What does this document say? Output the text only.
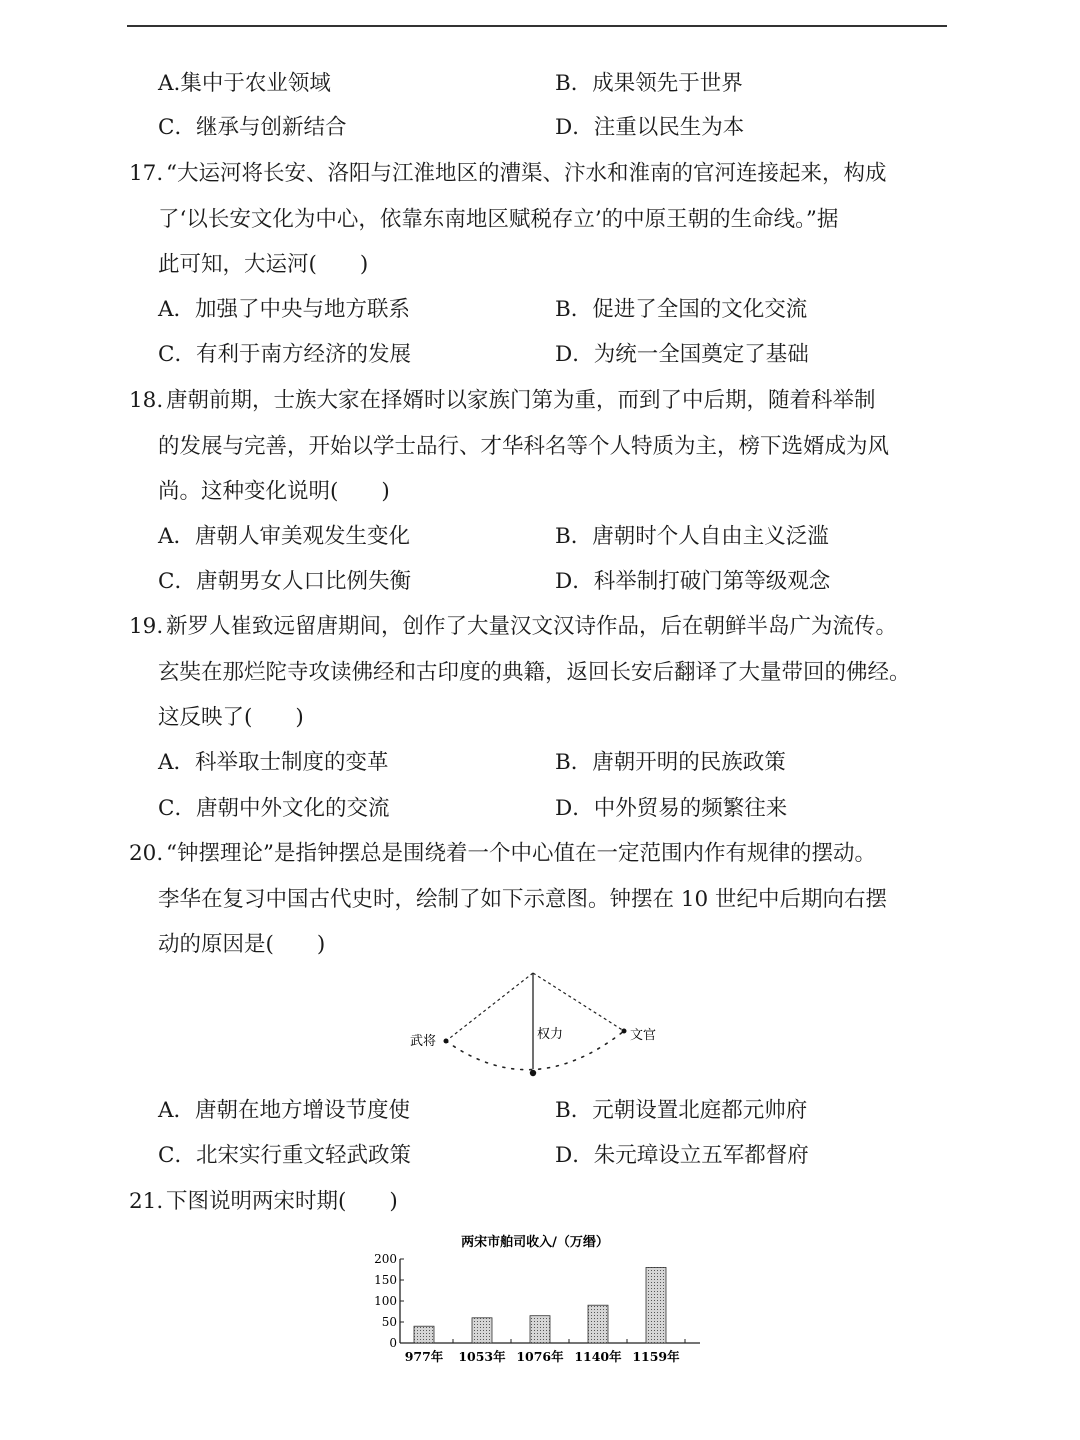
A.集中于农业领域	B．成果领先于世界
C．继承与创新结合	D．注重以民生为本
17. “大运河将长安、洛阳与江淮地区的漕渠、汴水和淮南的官河连接起来，构成
了‘以长安文化为中心，依靠东南地区赋税存立’的中原王朝的生命线。”据
此可知，大运河(　　)
A．加强了中央与地方联系	B．促进了全国的文化交流
C．有利于南方经济的发展	D．为统一全国奠定了基础
18. 唐朝前期，士族大家在择婿时以家族门第为重，而到了中后期，随着科举制
的发展与完善，开始以学士品行、才华科名等个人特质为主，榜下选婿成为风
尚。这种变化说明(　　)
A．唐朝人审美观发生变化	B．唐朝时个人自由主义泛滥
C．唐朝男女人口比例失衡	D．科举制打破门第等级观念
19. 新罗人崔致远留唐期间，创作了大量汉文汉诗作品，后在朝鲜半岛广为流传。
玄奘在那烂陀寺攻读佛经和古印度的典籍，返回长安后翻译了大量带回的佛经。
这反映了(　　)
A．科举取士制度的变革	B．唐朝开明的民族政策
C．唐朝中外文化的交流	D．中外贸易的频繁往来
20. “钟摆理论”是指钟摆总是围绕着一个中心值在一定范围内作有规律的摆动。
李华在复习中国古代史时，绘制了如下示意图。钟摆在 10 世纪中后期向右摆
动的原因是(　　)
武将	权力	文官
A．唐朝在地方增设节度使	B．元朝设置北庭都元帅府
C．北宋实行重文轻武政策	D．朱元璋设立五军都督府
21. 下图说明两宋时期(　　)
两宋市舶司收入/（万缗）
0
50
100
150
200
977年 1053年 1076年 1140年 1159年
